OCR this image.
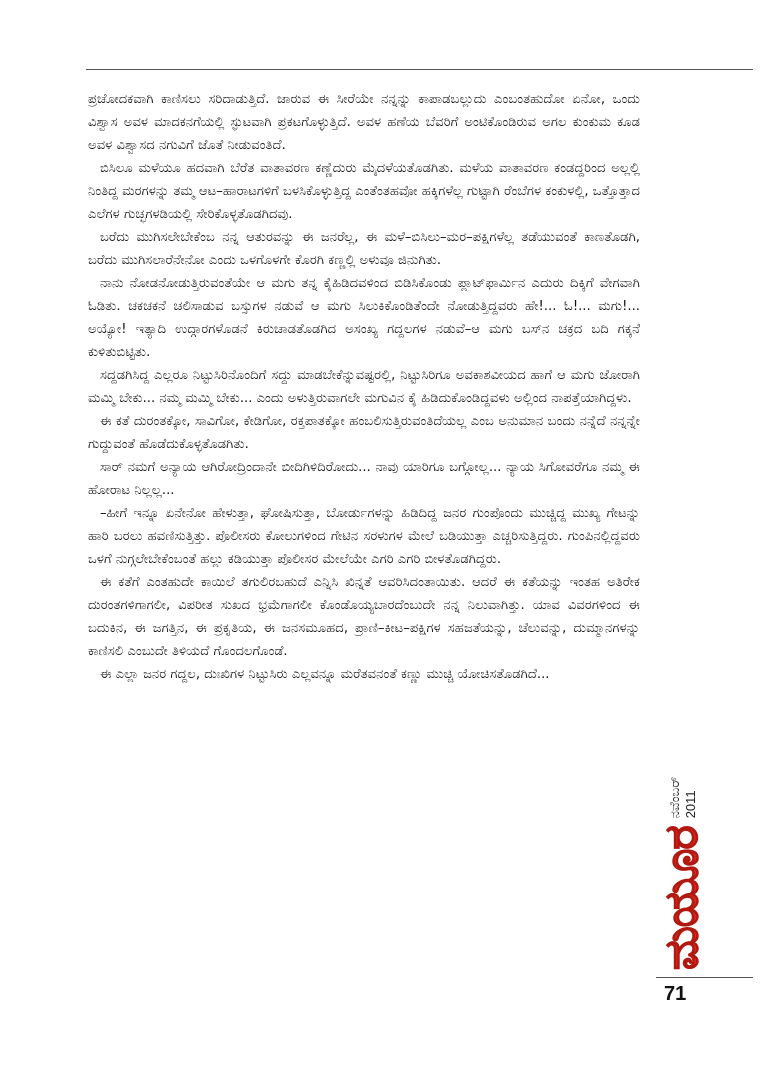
ಪ್ರಚೋದಕವಾಗಿ ಕಾಣಿಸಲು ಸರಿದಾಡುತ್ತಿದೆ. ಜಾರುವ ಈ ಸೀರೆಯೇ ನನ್ನನ್ನು ಕಾಪಾಡಬಲ್ಲುದು ಎಂಬಂತಹುದೋ ಏನೋ, ಒಂದು ವಿಶ್ವಾಸ ಅವಳ ಮಾದಕನಗೆಯಲ್ಲಿ ಸ್ಫುಟವಾಗಿ ಪ್ರಕಟಗೊಳ್ಳುತ್ತಿದೆ. ಅವಳ ಹಣೆಯ ಬೆವರಿಗೆ ಅಂಟಿಕೊಂಡಿರುವ ಅಗಲ ಕುಂಕುಮ ಕೂಡ ಅವಳ ವಿಶ್ವಾಸದ ನಗುವಿಗೆ ಜೊತೆ ನೀಡುವಂತಿದೆ.

ಬಿಸಿಲೂ ಮಳೆಯೂ ಹದವಾಗಿ ಬೆರೆತ ವಾತಾವರಣ ಕಣ್ಣೆದುರು ಮೈದಳೆಯತೊಡಗಿತು. ಮಳೆಯ ವಾತಾವರಣ ಕಂಡದ್ದರಿಂದ ಅಲ್ಲಲ್ಲಿ ನಿಂತಿದ್ದ ಮರಗಳನ್ನು ತಮ್ಮ ಆಟ–ಹಾರಾಟಗಳಿಗೆ ಬಳಸಿಕೊಳ್ಳುತ್ತಿದ್ದ ಎಂತೆಂತಹವೋ ಹಕ್ಕಿಗಳೆಲ್ಲ ಗುಟ್ಟಾಗಿ ರೆಂಬೆಗಳ ಕಂಕುಳಲ್ಲಿ, ಒತ್ತೊತ್ತಾದ ಎಲೆಗಳ ಗುಚ್ಛಗಳಡಿಯಲ್ಲಿ ಸೇರಿಕೊಳ್ಳತೊಡಗಿದವು.

ಬರೆದು ಮುಗಿಸಲೇಬೇಕೆಂಬ ನನ್ನ ಆತುರವನ್ನು ಈ ಜನರೆಲ್ಲ, ಈ ಮಳೆ–ಬಿಸಿಲು–ಮರ–ಪಕ್ಷಿಗಳೆಲ್ಲ ತಡೆಯುವಂತೆ ಕಾಣತೊಡಗಿ, ಬರೆದು ಮುಗಿಸಲಾರೆನೇನೋ ಎಂದು ಒಳಗೊಳಗೇ ಕೊರಗಿ ಕಣ್ಣಲ್ಲಿ ಅಳುವೂ ಜಿನುಗಿತು.

ನಾನು ನೋಡನೋಡುತ್ತಿರುವಂತೆಯೇ ಆ ಮಗು ತನ್ನ ಕೈಹಿಡಿದವಳಿಂದ ಬಿಡಿಸಿಕೊಂಡು ಪ್ಲಾಟ್‌ಫಾರ್ಮಿನ ಎದುರು ದಿಕ್ಕಿಗೆ ವೇಗವಾಗಿ ಓಡಿತು. ಚಕಚಕನೆ ಚಲಿಸಾಡುವ ಬಸ್ಸುಗಳ ನಡುವೆ ಆ ಮಗು ಸಿಲುಕಿಕೊಂಡಿತೆಂದೇ ನೋಡುತ್ತಿದ್ದವರು ಹೇ!... ಓ!... ಮಗು!... ಅಯ್ಯೋ! ಇತ್ಯಾದಿ ಉದ್ಗಾರಗಳೊಡನೆ ಕಿರುಚಾಡತೊಡಗಿದ ಅಸಂಖ್ಯ ಗದ್ದಲಗಳ ನಡುವೆ–ಆ ಮಗು ಬಸ್‌ನ ಚಕ್ರದ ಬದಿ ಗಕ್ಕನೆ ಕುಳಿತುಬಿಟ್ಟಿತು.

ಸದ್ದಡಗಿಸಿದ್ದ ಎಲ್ಲರೂ ನಿಟ್ಟುಸಿರಿನೊಂದಿಗೆ ಸದ್ದು ಮಾಡಬೇಕೆನ್ನುವಷ್ಟರಲ್ಲಿ, ನಿಟ್ಟುಸಿರಿಗೂ ಅವಕಾಶವೀಯದ ಹಾಗೆ ಆ ಮಗು ಜೋರಾಗಿ ಮಮ್ಮಿ ಬೇಕು... ನಮ್ಮ ಮಮ್ಮಿ ಬೇಕು... ಎಂದು ಅಳುತ್ತಿರುವಾಗಲೇ ಮಗುವಿನ ಕೈ ಹಿಡಿದುಕೊಂಡಿದ್ದವಳು ಅಲ್ಲಿಂದ ನಾಪತ್ತೆಯಾಗಿದ್ದಳು.

ಈ ಕತೆ ದುರಂತಕ್ಕೋ, ಸಾವಿಗೋ, ಕೇಡಿಗೋ, ರಕ್ತಪಾತಕ್ಕೋ ಹಂಬಲಿಸುತ್ತಿರುವಂತಿದೆಯಲ್ಲ ಎಂಬ ಅನುಮಾನ ಬಂದು ನನ್ನೆದೆ ನನ್ನನ್ನೇ ಗುದ್ದುವಂತೆ ಹೊಡೆದುಕೊಳ್ಳತೊಡಗಿತು.

ಸಾರ್ ನಮಗೆ ಅನ್ಯಾಯ ಆಗಿರೋದ್ರಿಂದಾನೇ ಬೀದಿಗಿಳಿದಿರೋದು... ನಾವು ಯಾರಿಗೂ ಬಗ್ಗೋಲ್ಲ... ನ್ಯಾಯ ಸಿಗೋವರೆಗೂ ನಮ್ಮ ಈ ಹೋರಾಟ ನಿಲ್ಲಲ್ಲ...

–ಹೀಗೆ ಇನ್ನೂ ಏನೇನೋ ಹೇಳುತ್ತಾ, ಘೋಷಿಸುತ್ತಾ, ಬೋರ್ಡುಗಳನ್ನು ಹಿಡಿದಿದ್ದ ಜನರ ಗುಂಪೊಂದು ಮುಚ್ಚಿದ್ದ ಮುಖ್ಯ ಗೇಟನ್ನು ಹಾರಿ ಬರಲು ಹವಣಿಸುತ್ತಿತ್ತು. ಪೊಲೀಸರು ಕೋಲುಗಳಿಂದ ಗೇಟಿನ ಸರಳುಗಳ ಮೇಲೆ ಬಡಿಯುತ್ತಾ ಎಚ್ಚರಿಸುತ್ತಿದ್ದರು. ಗುಂಪಿನಲ್ಲಿದ್ದವರು ಒಳಗೆ ನುಗ್ಗಲೇಬೇಕೆಂಬಂತೆ ಹಲ್ಲು ಕಡಿಯುತ್ತಾ ಪೊಲೀಸರ ಮೇಲೆಯೇ ಎಗರಿ ಎಗರಿ ಬೀಳತೊಡಗಿದ್ದರು.

ಈ ಕತೆಗೆ ಎಂತಹುದೇ ಕಾಯಿಲೆ ತಗುಲಿರಬಹುದೆ ಎನ್ನಿಸಿ ಖಿನ್ನತೆ ಆವರಿಸಿದಂತಾಯಿತು. ಆದರೆ ಈ ಕತೆಯನ್ನು ಇಂತಹ ಅತಿರೇಕ ದುರಂತಗಳಿಗಾಗಲೀ, ವಿಪರೀತ ಸುಖದ ಭ್ರಮೆಗಾಗಲೀ ಕೊಂಡೊಯ್ಯಬಾರದೆಂಬುದೇ ನನ್ನ ನಿಲುವಾಗಿತ್ತು. ಯಾವ ವಿವರಗಳಿಂದ ಈ ಬದುಕಿನ, ಈ ಜಗತ್ತಿನ, ಈ ಪ್ರಕೃತಿಯ, ಈ ಜನಸಮೂಹದ, ಪ್ರಾಣಿ–ಕೀಟ–ಪಕ್ಷಿಗಳ ಸಹಜತೆಯನ್ನು, ಚೆಲುವನ್ನು, ದುಮ್ಮಾನಗಳನ್ನು ಕಾಣಿಸಲಿ ಎಂಬುದೇ ತಿಳಿಯದೆ ಗೊಂದಲಗೊಂಡೆ.

ಈ ಎಲ್ಲಾ ಜನರ ಗದ್ದಲ, ದುಃಖಿಗಳ ನಿಟ್ಟುಸಿರು ಎಲ್ಲವನ್ನೂ ಮರೆತವನಂತೆ ಕಣ್ಣು ಮುಚ್ಚಿ ಯೋಚಿಸತೊಡಗಿದೆ...

ಮಯೂರ
ನವೆಂಬರ್ 2011
71
